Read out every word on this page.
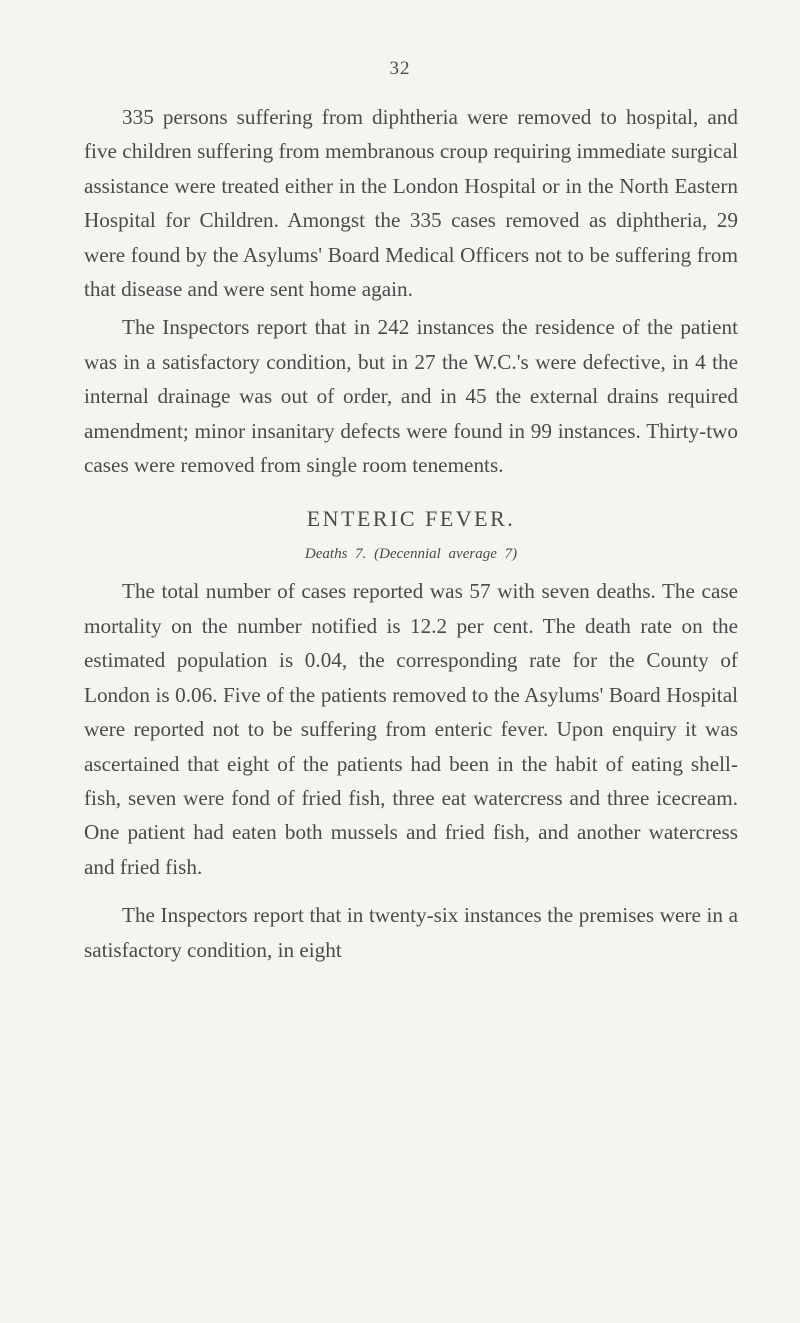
32

335 persons suffering from diphtheria were removed to hospital, and five children suffering from membranous croup requiring immediate surgical assistance were treated either in the London Hospital or in the North Eastern Hospital for Children. Amongst the 335 cases removed as diphtheria, 29 were found by the Asylums' Board Medical Officers not to be suffering from that disease and were sent home again.

The Inspectors report that in 242 instances the residence of the patient was in a satisfactory condition, but in 27 the W.C.'s were defective, in 4 the internal drainage was out of order, and in 45 the external drains required amendment; minor insanitary defects were found in 99 instances. Thirty-two cases were removed from single room tenements.

ENTERIC FEVER.
Deaths 7. (Decennial average 7)

The total number of cases reported was 57 with seven deaths. The case mortality on the number notified is 12.2 per cent. The death rate on the estimated population is 0.04, the corresponding rate for the County of London is 0.06. Five of the patients removed to the Asylums' Board Hospital were reported not to be suffering from enteric fever. Upon enquiry it was ascertained that eight of the patients had been in the habit of eating shell-fish, seven were fond of fried fish, three eat watercress and three icecream. One patient had eaten both mussels and fried fish, and another watercress and fried fish.

The Inspectors report that in twenty-six instances the premises were in a satisfactory condition, in eight
